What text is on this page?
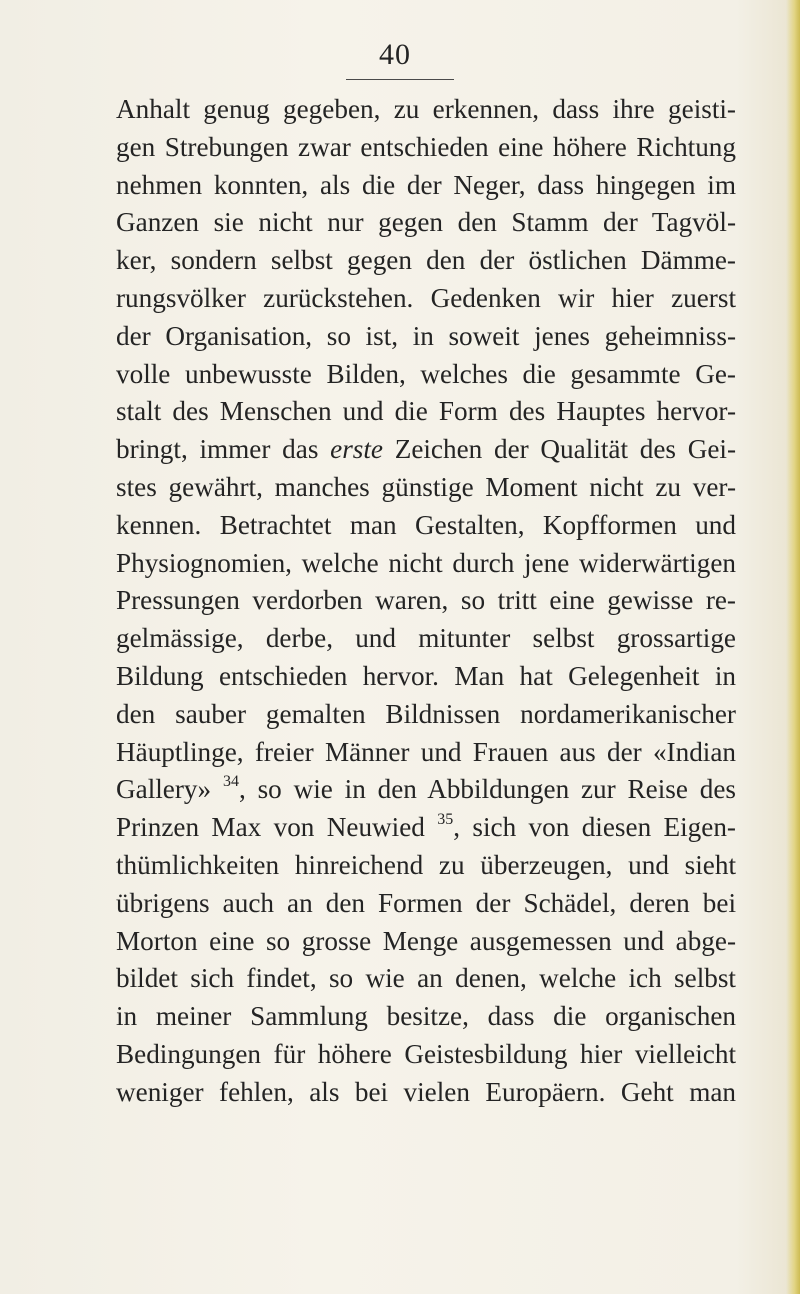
40
Anhalt genug gegeben, zu erkennen, dass ihre geisti-
gen Strebungen zwar entschieden eine höhere Richtung
nehmen konnten, als die der Neger, dass hingegen im
Ganzen sie nicht nur gegen den Stamm der Tagvöl-
ker, sondern selbst gegen den der östlichen Dämme-
rungsvölker zurückstehen. Gedenken wir hier zuerst
der Organisation, so ist, in soweit jenes geheimniss-
volle unbewusste Bilden, welches die gesammte Ge-
stalt des Menschen und die Form des Hauptes hervor-
bringt, immer das erste Zeichen der Qualität des Gei-
stes gewährt, manches günstige Moment nicht zu ver-
kennen. Betrachtet man Gestalten, Kopfformen und
Physiognomien, welche nicht durch jene widerwärtigen
Pressungen verdorben waren, so tritt eine gewisse re-
gelmässige, derbe, und mitunter selbst grossartige
Bildung entschieden hervor. Man hat Gelegenheit in
den sauber gemalten Bildnissen nordamerikanischer
Häuptlinge, freier Männer und Frauen aus der «Indian
Gallery» $^{34}$, so wie in den Abbildungen zur Reise des
Prinzen Max von Neuwied $^{35}$, sich von diesen Eigen-
thümlichkeiten hinreichend zu überzeugen, und sieht
übrigens auch an den Formen der Schädel, deren bei
Morton eine so grosse Menge ausgemessen und abge-
bildet sich findet, so wie an denen, welche ich selbst
in meiner Sammlung besitze, dass die organischen
Bedingungen für höhere Geistesbildung hier vielleicht
weniger fehlen, als bei vielen Europäern. Geht man
